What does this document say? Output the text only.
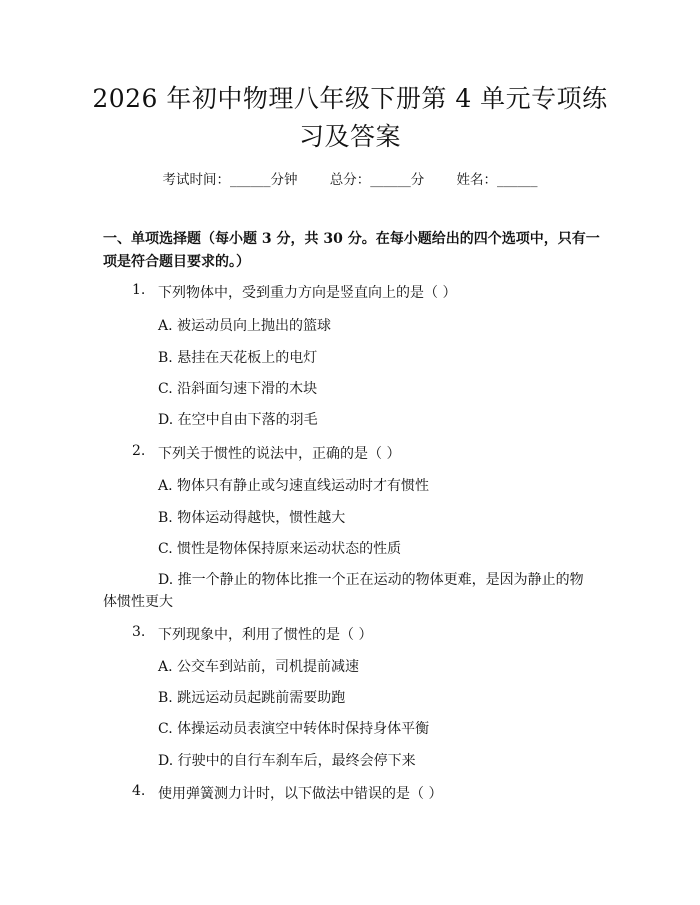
2026 年初中物理八年级下册第 4 单元专项练
习及答案
考试时间：______分钟 总分：______分 姓名：______
一、单项选择题（每小题 3 分，共 30 分。在每小题给出的四个选项中，只有一项是符合题目要求的。）
1. 下列物体中，受到重力方向是竖直向上的是（ ）
A. 被运动员向上抛出的篮球
B. 悬挂在天花板上的电灯
C. 沿斜面匀速下滑的木块
D. 在空中自由下落的羽毛
2. 下列关于惯性的说法中，正确的是（ ）
A. 物体只有静止或匀速直线运动时才有惯性
B. 物体运动得越快，惯性越大
C. 惯性是物体保持原来运动状态的性质
D. 推一个静止的物体比推一个正在运动的物体更难，是因为静止的物体惯性更大
3. 下列现象中，利用了惯性的是（ ）
A. 公交车到站前，司机提前减速
B. 跳远运动员起跳前需要助跑
C. 体操运动员表演空中转体时保持身体平衡
D. 行驶中的自行车刹车后，最终会停下来
4. 使用弹簧测力计时，以下做法中错误的是（ ）
